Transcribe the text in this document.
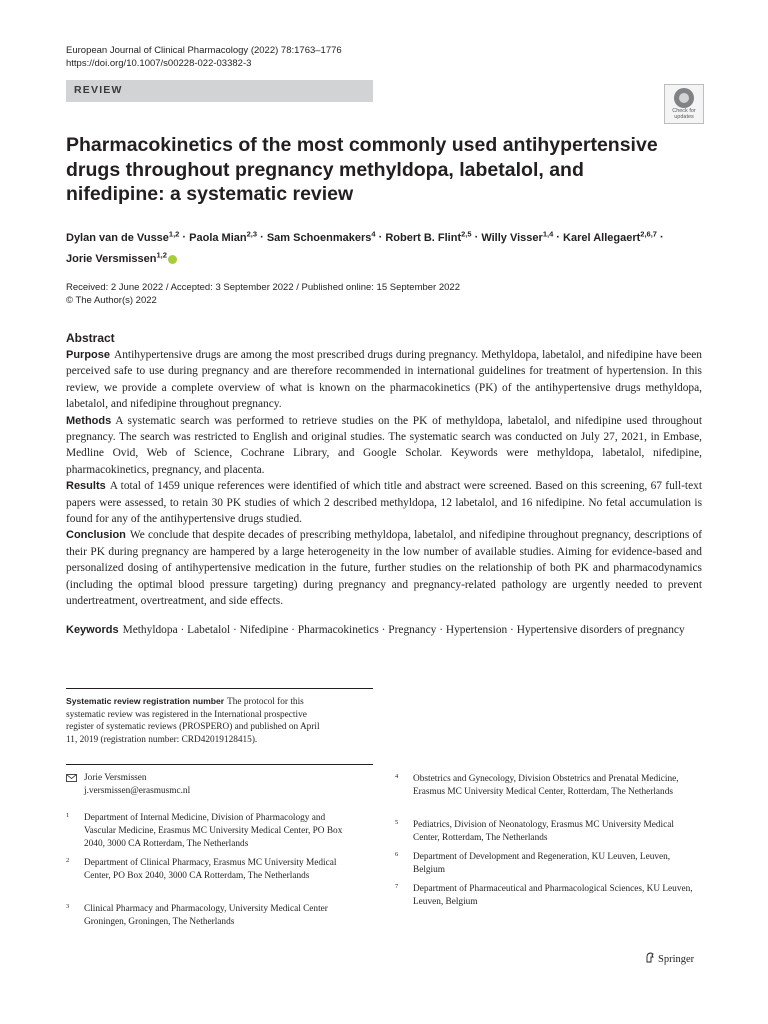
European Journal of Clinical Pharmacology (2022) 78:1763–1776
https://doi.org/10.1007/s00228-022-03382-3
REVIEW
Check for
updates
Pharmacokinetics of the most commonly used antihypertensive drugs throughout pregnancy methyldopa, labetalol, and nifedipine: a systematic review
Dylan van de Vusse$^{1,2}$ · Paola Mian$^{2,3}$ · Sam Schoenmakers$^4$ · Robert B. Flint$^{2,5}$ · Willy Visser$^{1,4}$ · Karel Allegaert$^{2,6,7}$ ·
Jorie Versmissen$^{1,2}$
Received: 2 June 2022 / Accepted: 3 September 2022 / Published online: 15 September 2022
© The Author(s) 2022
Abstract

Purpose Antihypertensive drugs are among the most prescribed drugs during pregnancy. Methyldopa, labetalol, and nifedipine have been perceived safe to use during pregnancy and are therefore recommended in international guidelines for treatment of hypertension. In this review, we provide a complete overview of what is known on the pharmacokinetics (PK) of the antihypertensive drugs methyldopa, labetalol, and nifedipine throughout pregnancy.

Methods A systematic search was performed to retrieve studies on the PK of methyldopa, labetalol, and nifedipine used throughout pregnancy. The search was restricted to English and original studies. The systematic search was conducted on July 27, 2021, in Embase, Medline Ovid, Web of Science, Cochrane Library, and Google Scholar. Keywords were methyldopa, labetalol, nifedipine, pharmacokinetics, pregnancy, and placenta.

Results A total of 1459 unique references were identified of which title and abstract were screened. Based on this screening, 67 full-text papers were assessed, to retain 30 PK studies of which 2 described methyldopa, 12 labetalol, and 16 nifedipine. No fetal accumulation is found for any of the antihypertensive drugs studied.

Conclusion We conclude that despite decades of prescribing methyldopa, labetalol, and nifedipine throughout pregnancy, descriptions of their PK during pregnancy are hampered by a large heterogeneity in the low number of available studies. Aiming for evidence-based and personalized dosing of antihypertensive medication in the future, further studies on the relationship of both PK and pharmacodynamics (including the optimal blood pressure targeting) during pregnancy and pregnancy-related pathology are urgently needed to prevent undertreatment, overtreatment, and side effects.

Keywords Methyldopa · Labetalol · Nifedipine · Pharmacokinetics · Pregnancy · Hypertension · Hypertensive disorders of pregnancy
Systematic review registration number The protocol for this systematic review was registered in the International prospective register of systematic reviews (PROSPERO) and published on April 11, 2019 (registration number: CRD42019128415).
Jorie Versmissen
j.versmissen@erasmusmc.nl
1 Department of Internal Medicine, Division of Pharmacology and Vascular Medicine, Erasmus MC University Medical Center, PO Box 2040, 3000 CA Rotterdam, The Netherlands
2 Department of Clinical Pharmacy, Erasmus MC University Medical Center, PO Box 2040, 3000 CA Rotterdam, The Netherlands
3 Clinical Pharmacy and Pharmacology, University Medical Center Groningen, Groningen, The Netherlands
4 Obstetrics and Gynecology, Division Obstetrics and Prenatal Medicine, Erasmus MC University Medical Center, Rotterdam, The Netherlands
5 Pediatrics, Division of Neonatology, Erasmus MC University Medical Center, Rotterdam, The Netherlands
6 Department of Development and Regeneration, KU Leuven, Leuven, Belgium
7 Department of Pharmaceutical and Pharmacological Sciences, KU Leuven, Leuven, Belgium
Springer
